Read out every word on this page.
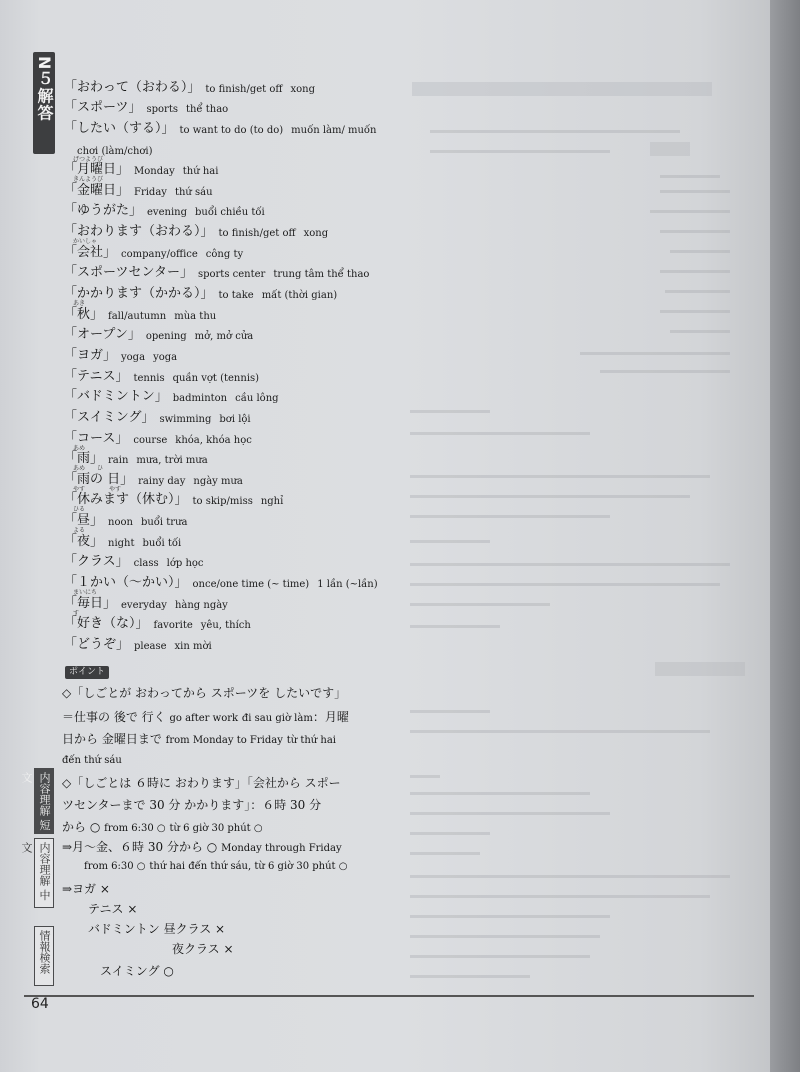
N５解答
内容理解 短文
内容理解 中文
情報検索
「おわって（おわる）」 to finish/get off xong
「スポーツ」 sports thể thao
「したい（する）」 to want to do (to do) muốn làm/ muốn
chơi (làm/chơi)
げつようび
「月曜日」 Monday thứ hai
きんようび
「金曜日」 Friday thứ sáu
「ゆうがた」 evening buổi chiều tối
「おわります（おわる）」 to finish/get off xong
かいしゃ
「会社」 company/office công ty
「スポーツセンター」 sports center trung tâm thể thao
「かかります（かかる）」 to take mất (thời gian)
あき
「秋」 fall/autumn mùa thu
「オープン」 opening mở, mở cửa
「ヨガ」 yoga yoga
「テニス」 tennis quần vợt (tennis)
「バドミントン」 badminton cầu lông
「スイミング」 swimming bơi lội
「コース」 course khóa, khóa học
あめ
「雨」 rain mưa, trời mưa
あめ　　ひ
「雨の 日」 rainy day ngày mưa
やす　　　　やす
「休みます（休む）」 to skip/miss nghỉ
ひる
「昼」 noon buổi trưa
よる
「夜」 night buổi tối
「クラス」 class lớp học
「１かい（〜かい）」 once/one time (~ time) 1 lần (~lần)
まいにち
「毎日」 everyday hàng ngày
す
「好き（な）」 favorite yêu, thích
「どうぞ」 please xin mời
ポイント
◇「しごとが おわってから スポーツを したいです」
＝仕事の 後で 行く go after work đi sau giờ làm：月曜
日から 金曜日まで from Monday to Friday từ thứ hai
đến thứ sáu
◇「しごとは ６時に おわります」「会社から スポー
ツセンターまで 30 分 かかります」：６時 30 分
から ○ from 6:30 ○ từ 6 giờ 30 phút ○
⇒月〜金、６時 30 分から ○ Monday through Friday
from 6:30 ○ thứ hai đến thứ sáu, từ 6 giờ 30 phút ○
⇒ヨガ ×
テニス ×
バドミントン 昼クラス ×
夜クラス ×
スイミング ○
64
